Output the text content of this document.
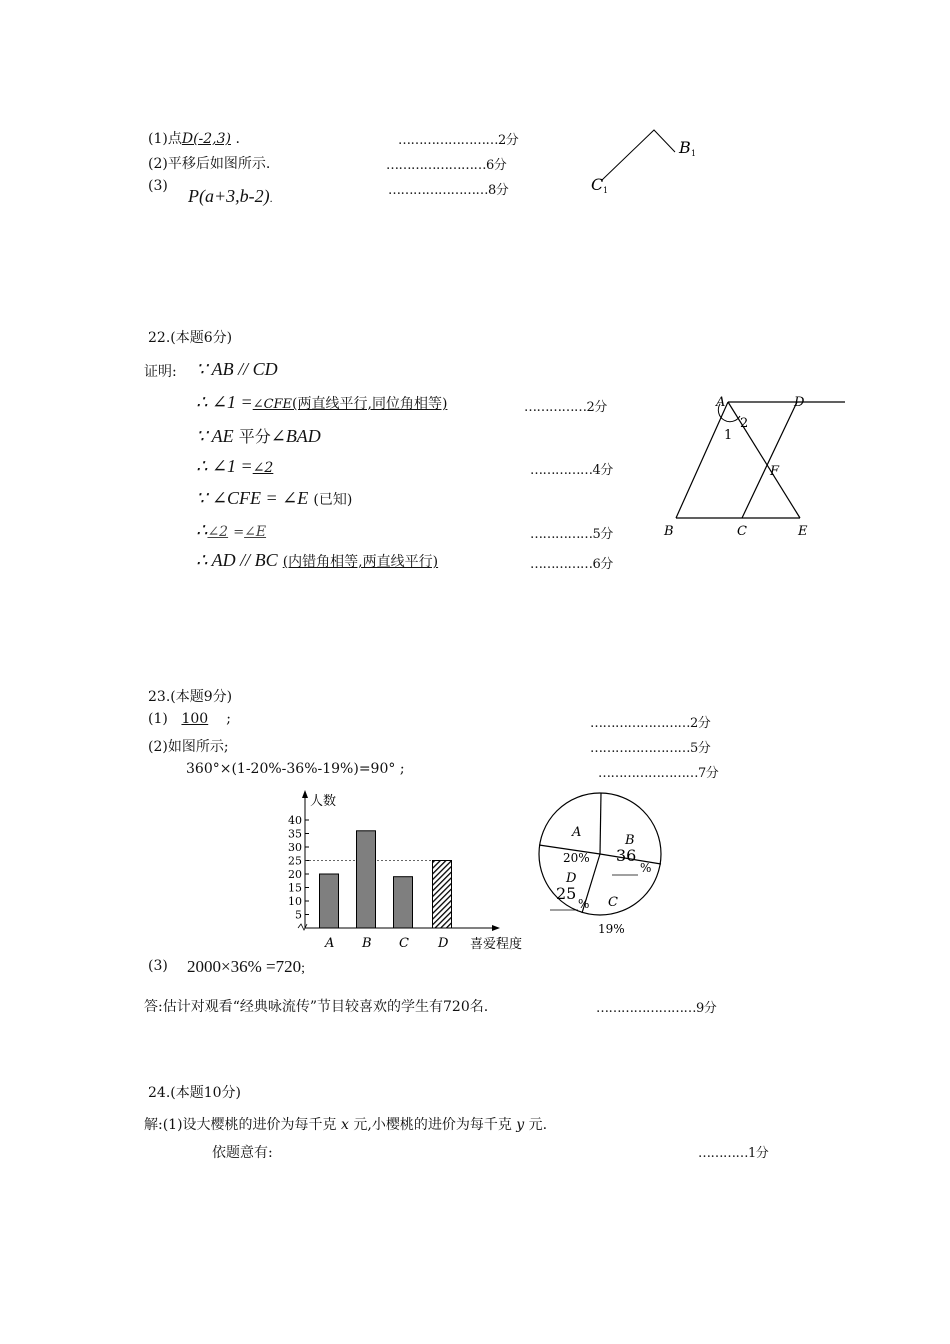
(1)点D(-2,3) .	……………………2分
(2)平移后如图所示.	……………………6分
(3) P(a+3,b-2).	……………………8分
B 1
C 1
22.(本题6分)
证明: ∵ AB // CD
∴ ∠1 =∠CFE(两直线平行,同位角相等)	……………2分
∵ AE 平分∠BAD
∴ ∠1 =∠2	……………4分
∵ ∠CFE = ∠E (已知)
∴∠2 =∠E	……………5分
∴ AD // BC (内错角相等,两直线平行)	……………6分
A	D
B	C	E
F
1
2
23.(本题9分)
(1) 100 ;	……………………2分
(2)如图所示;	……………………5分
360°×(1-20%-36%-19%)=90° ;	……………………7分
人数
喜爱程度
5
10
15
20
25
30
35
40
A B C D
A
20%
B
36
%
C
19%
D
25
%
(3) 2000×36% =720;
答:估计对观看“经典咏流传”节目较喜欢的学生有720名.	……………………9分
24.(本题10分)
解:(1)设大樱桃的进价为每千克 x 元,小樱桃的进价为每千克 y 元.
依题意有:	…………1分
